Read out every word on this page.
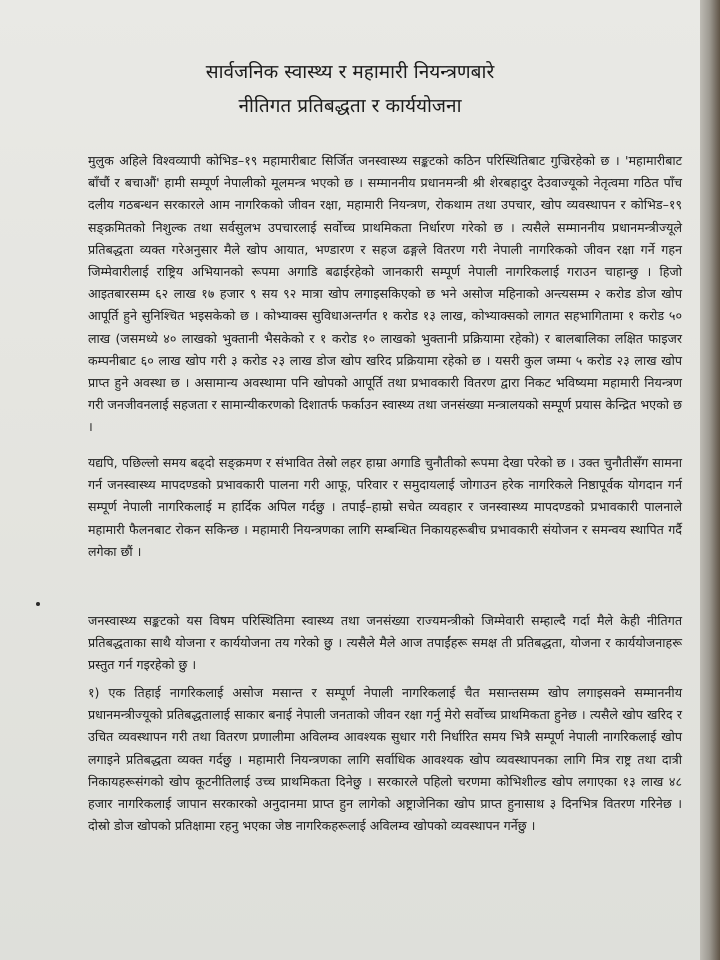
सार्वजनिक स्वास्थ्य र महामारी नियन्त्रणबारे
नीतिगत प्रतिबद्धता र कार्ययोजना
मुलुक अहिले विश्वव्यापी कोभिड–१९ महामारीबाट सिर्जित जनस्वास्थ्य सङ्कटको कठिन परिस्थितिबाट गुज्रिरहेको छ । 'महामारीबाट बाँचौं र बचाऔं' हामी सम्पूर्ण नेपालीको मूलमन्त्र भएको छ । सम्माननीय प्रधानमन्त्री श्री शेरबहादुर देउवाज्यूको नेतृत्वमा गठित पाँच दलीय गठबन्धन सरकारले आम नागरिकको जीवन रक्षा, महामारी नियन्त्रण, रोकथाम तथा उपचार, खोप व्यवस्थापन र कोभिड–१९ सङ्क्रमितको निशुल्क तथा सर्वसुलभ उपचारलाई सर्वोच्च प्राथमिकता निर्धारण गरेको छ । त्यसैले सम्माननीय प्रधानमन्त्रीज्यूले प्रतिबद्धता व्यक्त गरेअनुसार मैले खोप आयात, भण्डारण र सहज ढङ्गले वितरण गरी नेपाली नागरिकको जीवन रक्षा गर्ने गहन जिम्मेवारीलाई राष्ट्रिय अभियानको रूपमा अगाडि बढाईरहेको जानकारी सम्पूर्ण नेपाली नागरिकलाई गराउन चाहान्छु । हिजो आइतबारसम्म ६२ लाख १७ हजार ९ सय ९२ मात्रा खोप लगाइसकिएको छ भने असोज महिनाको अन्त्यसम्म २ करोड डोज खोप आपूर्ति हुने सुनिश्चित भइसकेको छ । कोभ्याक्स सुविधाअन्तर्गत १ करोड १३ लाख, कोभ्याक्सको लागत सहभागितामा १ करोड ५० लाख (जसमध्ये ४० लाखको भुक्तानी भैसकेको र १ करोड १० लाखको भुक्तानी प्रक्रियामा रहेको) र बालबालिका लक्षित फाइजर कम्पनीबाट ६० लाख खोप गरी ३ करोड २३ लाख डोज खोप खरिद प्रक्रियामा रहेको छ । यसरी कुल जम्मा ५ करोड २३ लाख खोप प्राप्त हुने अवस्था छ । असामान्य अवस्थामा पनि खोपको आपूर्ति तथा प्रभावकारी वितरण द्वारा निकट भविष्यमा महामारी नियन्त्रण गरी जनजीवनलाई सहजता र सामान्यीकरणको दिशातर्फ फर्काउन स्वास्थ्य तथा जनसंख्या मन्त्रालयको सम्पूर्ण प्रयास केन्द्रित भएको छ ।
यद्यपि, पछिल्लो समय बढ्दो सङ्क्रमण र संभावित तेस्रो लहर हाम्रा अगाडि चुनौतीको रूपमा देखा परेको छ । उक्त चुनौतीसँग सामना गर्न जनस्वास्थ्य मापदण्डको प्रभावकारी पालना गरी आफू, परिवार र समुदायलाई जोगाउन हरेक नागरिकले निष्ठापूर्वक योगदान गर्न सम्पूर्ण नेपाली नागरिकलाई म हार्दिक अपिल गर्दछु । तपाईं–हाम्रो सचेत व्यवहार र जनस्वास्थ्य मापदण्डको प्रभावकारी पालनाले महामारी फैलनबाट रोकन सकिन्छ । महामारी नियन्त्रणका लागि सम्बन्धित निकायहरूबीच प्रभावकारी संयोजन र समन्वय स्थापित गर्दै लगेका छौं ।
जनस्वास्थ्य सङ्कटको यस विषम परिस्थितिमा स्वास्थ्य तथा जनसंख्या राज्यमन्त्रीको जिम्मेवारी सम्हाल्दै गर्दा मैले केही नीतिगत प्रतिबद्धताका साथै योजना र कार्ययोजना तय गरेको छु । त्यसैले मैले आज तपाईंहरू समक्ष ती प्रतिबद्धता, योजना र कार्ययोजनाहरू प्रस्तुत गर्न गइरहेको छु ।
१) एक तिहाई नागरिकलाई असोज मसान्त र सम्पूर्ण नेपाली नागरिकलाई चैत मसान्तसम्म खोप लगाइसक्ने सम्माननीय प्रधानमन्त्रीज्यूको प्रतिबद्धतालाई साकार बनाई नेपाली जनताको जीवन रक्षा गर्नु मेरो सर्वोच्च प्राथमिकता हुनेछ । त्यसैले खोप खरिद र उचित व्यवस्थापन गरी तथा वितरण प्रणालीमा अविलम्व आवश्यक सुधार गरी निर्धारित समय भित्रै सम्पूर्ण नेपाली नागरिकलाई खोप लगाइने प्रतिबद्धता व्यक्त गर्दछु । महामारी नियन्त्रणका लागि सर्वाधिक आवश्यक खोप व्यवस्थापनका लागि मित्र राष्ट्र तथा दात्री निकायहरूसंगको खोप कूटनीतिलाई उच्च प्राथमिकता दिनेछु । सरकारले पहिलो चरणमा कोभिशील्ड खोप लगाएका १३ लाख ४८ हजार नागरिकलाई जापान सरकारको अनुदानमा प्राप्त हुन लागेको अष्ट्राजेनिका खोप प्राप्त हुनासाथ ३ दिनभित्र वितरण गरिनेछ । दोस्रो डोज खोपको प्रतिक्षामा रहनु भएका जेष्ठ नागरिकहरूलाई अविलम्व खोपको व्यवस्थापन गर्नेछु ।
